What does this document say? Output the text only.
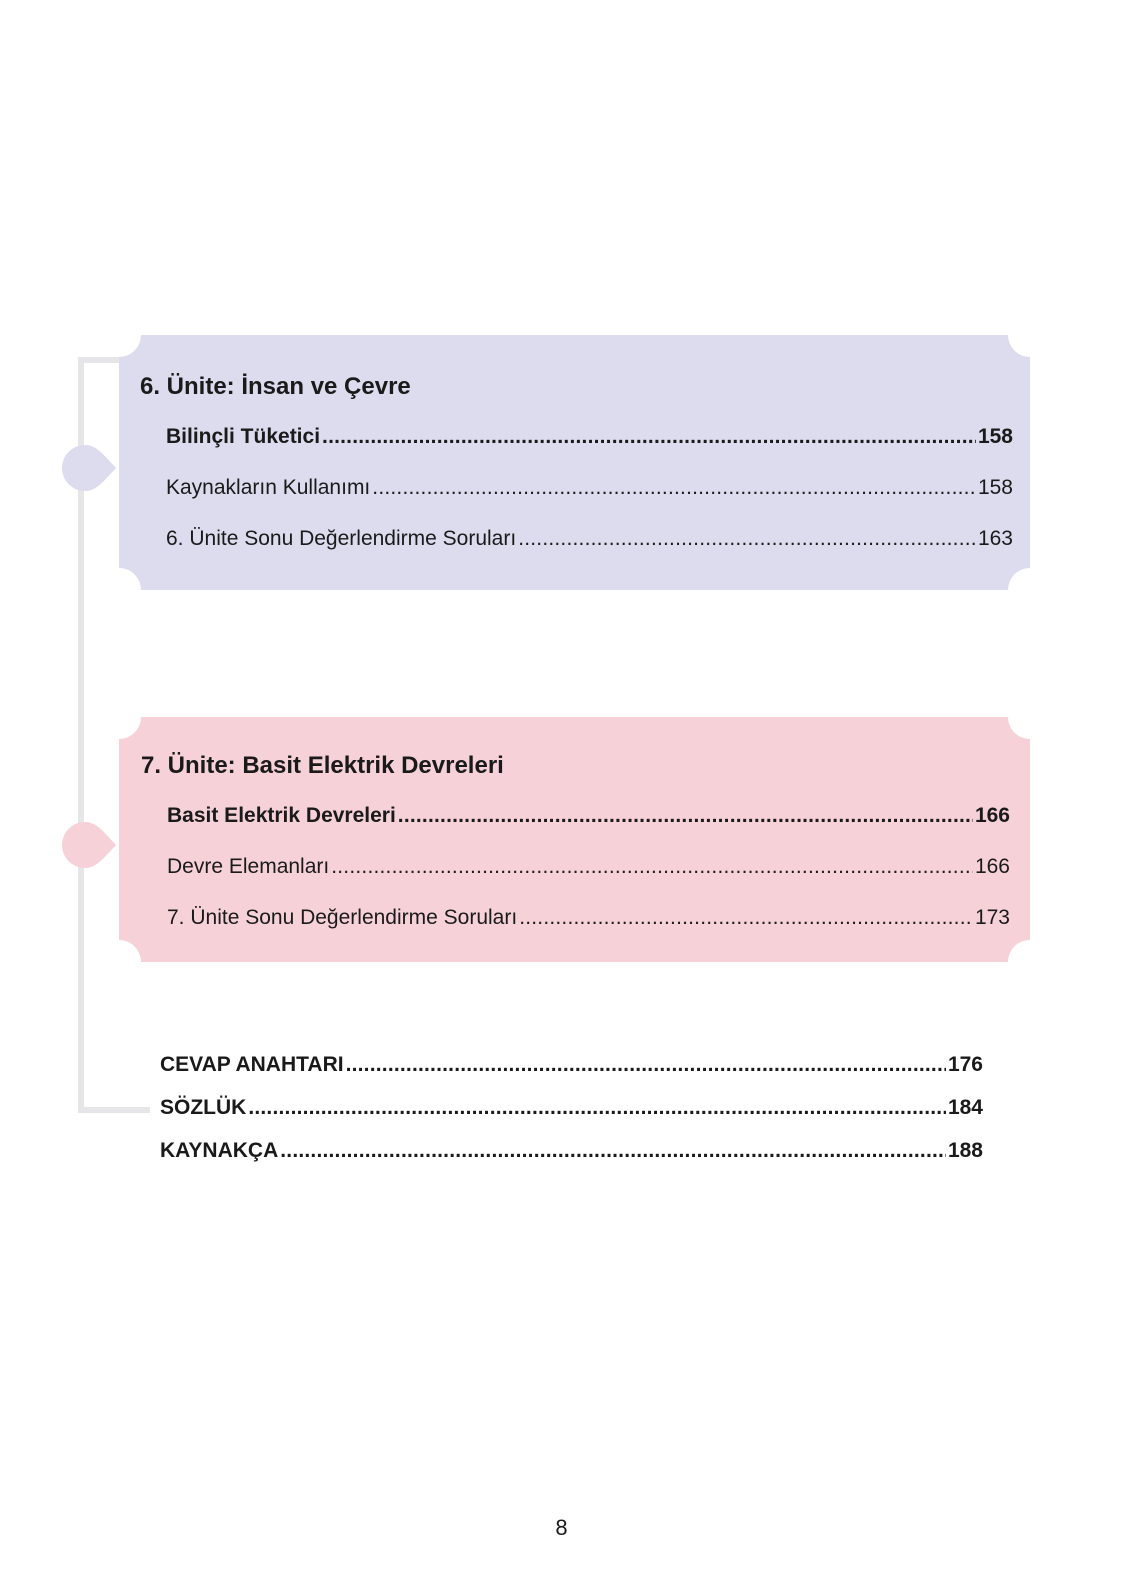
6. Ünite: İnsan ve Çevre
Bilinçli Tüketici .....	158
Kaynakların Kullanımı .....	158
6. Ünite Sonu Değerlendirme Soruları .....	163
7. Ünite: Basit Elektrik Devreleri
Basit Elektrik Devreleri .....	166
Devre Elemanları .....	166
7. Ünite Sonu Değerlendirme Soruları .....	173
CEVAP ANAHTARI .....	176
SÖZLÜK .....	184
KAYNAKÇA .....	188
8
